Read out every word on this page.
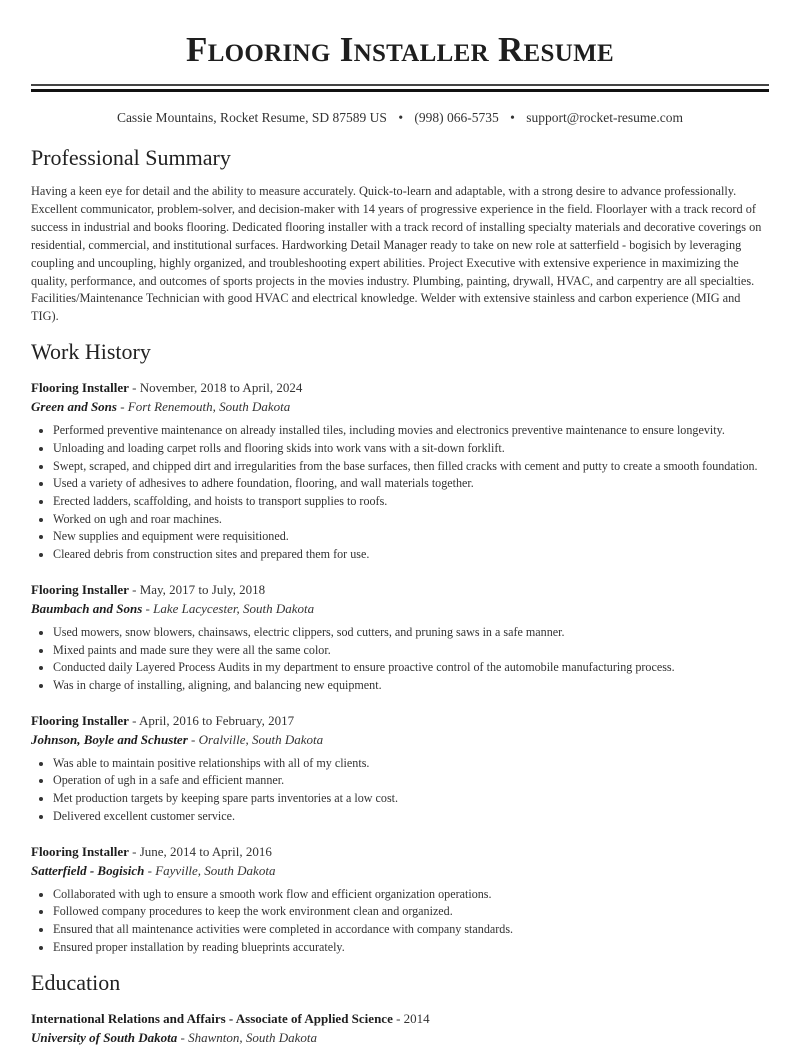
Flooring Installer Resume
Cassie Mountains, Rocket Resume, SD 87589 US • (998) 066-5735 • support@rocket-resume.com
Professional Summary

Having a keen eye for detail and the ability to measure accurately. Quick-to-learn and adaptable, with a strong desire to advance professionally. Excellent communicator, problem-solver, and decision-maker with 14 years of progressive experience in the field. Floorlayer with a track record of success in industrial and books flooring. Dedicated flooring installer with a track record of installing specialty materials and decorative coverings on residential, commercial, and institutional surfaces. Hardworking Detail Manager ready to take on new role at satterfield - bogisich by leveraging coupling and uncoupling, highly organized, and troubleshooting expert abilities. Project Executive with extensive experience in maximizing the quality, performance, and outcomes of sports projects in the movies industry. Plumbing, painting, drywall, HVAC, and carpentry are all specialties. Facilities/Maintenance Technician with good HVAC and electrical knowledge. Welder with extensive stainless and carbon experience (MIG and TIG).

Work History
Flooring Installer - November, 2018 to April, 2024
Green and Sons - Fort Renemouth, South Dakota
• Performed preventive maintenance on already installed tiles, including movies and electronics preventive maintenance to ensure longevity.
• Unloading and loading carpet rolls and flooring skids into work vans with a sit-down forklift.
• Swept, scraped, and chipped dirt and irregularities from the base surfaces, then filled cracks with cement and putty to create a smooth foundation.
• Used a variety of adhesives to adhere foundation, flooring, and wall materials together.
• Erected ladders, scaffolding, and hoists to transport supplies to roofs.
• Worked on ugh and roar machines.
• New supplies and equipment were requisitioned.
• Cleared debris from construction sites and prepared them for use.
Flooring Installer - May, 2017 to July, 2018
Baumbach and Sons - Lake Lacycester, South Dakota
• Used mowers, snow blowers, chainsaws, electric clippers, sod cutters, and pruning saws in a safe manner.
• Mixed paints and made sure they were all the same color.
• Conducted daily Layered Process Audits in my department to ensure proactive control of the automobile manufacturing process.
• Was in charge of installing, aligning, and balancing new equipment.
Flooring Installer - April, 2016 to February, 2017
Johnson, Boyle and Schuster - Oralville, South Dakota
• Was able to maintain positive relationships with all of my clients.
• Operation of ugh in a safe and efficient manner.
• Met production targets by keeping spare parts inventories at a low cost.
• Delivered excellent customer service.
Flooring Installer - June, 2014 to April, 2016
Satterfield - Bogisich - Fayville, South Dakota
• Collaborated with ugh to ensure a smooth work flow and efficient organization operations.
• Followed company procedures to keep the work environment clean and organized.
• Ensured that all maintenance activities were completed in accordance with company standards.
• Ensured proper installation by reading blueprints accurately.
Education
International Relations and Affairs - Associate of Applied Science - 2014
University of South Dakota - Shawnton, South Dakota
